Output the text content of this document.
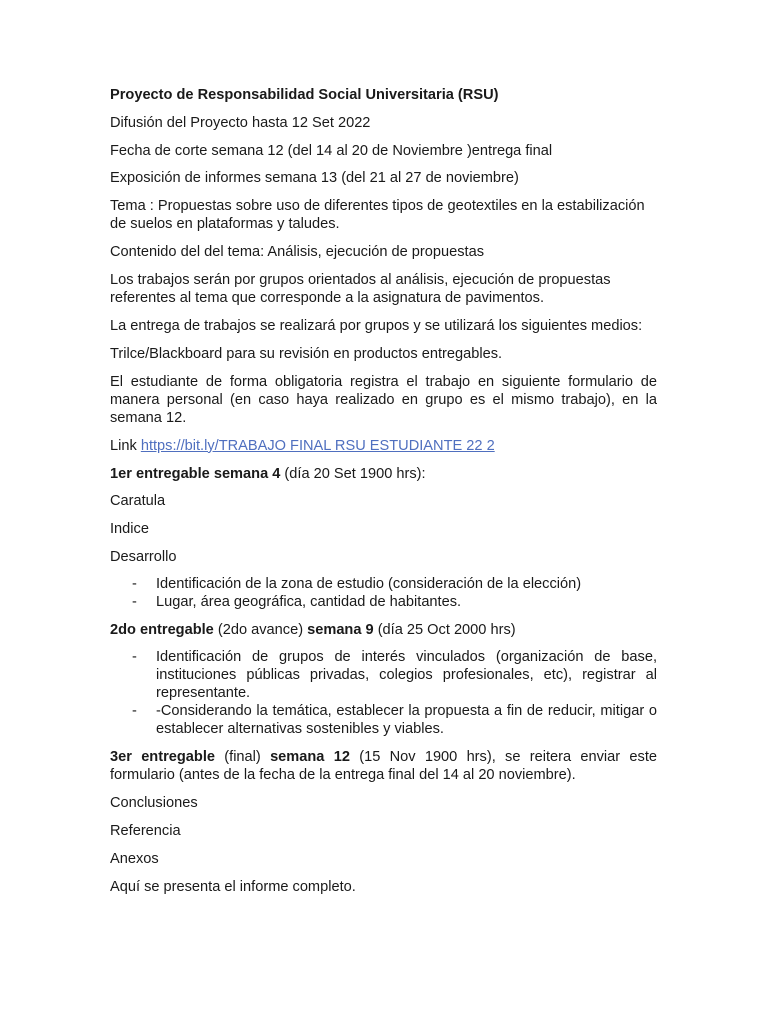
Proyecto de Responsabilidad Social Universitaria (RSU)

Difusión del Proyecto hasta 12 Set 2022

Fecha de corte semana 12 (del 14 al 20 de Noviembre )entrega final

Exposición de informes semana 13 (del 21 al 27 de noviembre)

Tema : Propuestas sobre uso de diferentes tipos de geotextiles en la estabilización de suelos en plataformas y taludes.

Contenido del del tema: Análisis, ejecución de propuestas

Los trabajos serán por grupos orientados al análisis, ejecución de propuestas referentes al tema que corresponde a la asignatura de pavimentos.

La entrega de trabajos se realizará por grupos y se utilizará los siguientes medios:

Trilce/Blackboard para su revisión en productos entregables.

El estudiante de forma obligatoria registra el trabajo en siguiente formulario de manera personal (en caso haya realizado en grupo es el mismo trabajo), en la semana 12.

Link https://bit.ly/TRABAJO FINAL RSU ESTUDIANTE 22 2

1er entregable semana 4 (día 20 Set 1900 hrs):

Caratula

Indice

Desarrollo

- Identificación de la zona de estudio (consideración de la elección)
- Lugar, área geográfica, cantidad de habitantes.

2do entregable (2do avance) semana 9 (día 25 Oct 2000 hrs)

- Identificación de grupos de interés vinculados (organización de base, instituciones públicas privadas, colegios profesionales, etc), registrar al representante.
- -Considerando la temática, establecer la propuesta a fin de reducir, mitigar o establecer alternativas sostenibles y viables.

3er entregable (final) semana 12 (15 Nov 1900 hrs), se reitera enviar este formulario (antes de la fecha de la entrega final del 14 al 20 noviembre).

Conclusiones

Referencia

Anexos

Aquí se presenta el informe completo.
